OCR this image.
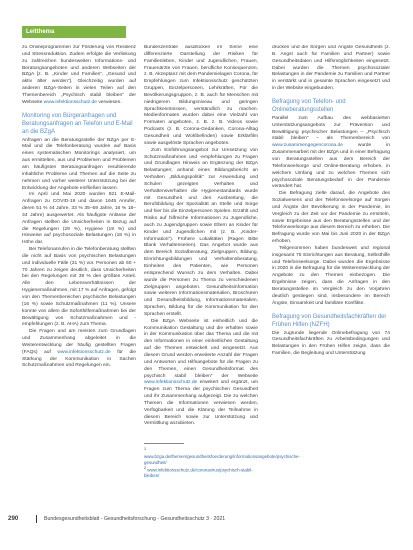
Leitthema

zu Onlineprogrammen zur Förderung von Resilienz und Stressreduktion. Zudem erfolgte die Verlinkung zu zahlreichen bundesweiten Informations- und Beratungsangeboten und anderen Webseiten der BZgA [z. B. „Kinder und Familien“, „Gesund und aktiv älter werden“]. Gleichzeitig wurden auf anderen BZgA-Seiten in vielen Teilen auf den Themenbereich „Psychisch stabil bleiben“ der Webseite www.infektionsschutz.de verwiesen.

Monitoring von Bürgeranfragen und Beratungsanfragen an Telefon und E-Mail an die BZgA

Anfragen an die Beratungsstelle der BZgA per E-Mail und die Telefonberatung wurden auf Basis eines systematischen Monitorings analysiert, um aus ermittelten, aus und Problemen und Problemen am häufigsten Beratungsanfragen resultierende inhaltliche Probleme und Themen auf die Seite zu nehmen und vorher weiterer Unterstützung bei der Entwicklung der Angebote einfließen lassen.

Im April und Mai 2020 wurden 921 E-Mail-Anfragen zu COVID-19 und davon 1645 Anrufer, deren 51 % 44 Jahre, 33 % 35–59 Jahre, 16 % 18–34 Jahre) ausgewertet. Als häufigste Anlässe der Anfragen stellten die Unsicherheiten in Bezug auf die Regelungen (29 %), Hygiene (19 %) und Hinweise auf psychosoziale Belastungen (18 %) in Höhe dar.

Bei Telefonanrufen in die Telefonberatung stellten die nicht auf Basis von psychischen Belastungen und individuelle Fälle (31 %) vor. Personen ab 60 + 70 Jahren zu zeigen deutlich, dass Unsicherheiten bei den Regelungen mit 39 % den größten Anteil. Alle den Lebensverhältnissen der Hygienemaßnahmen, mit 17 % auf Anfragen, gefolgt von den Themenbereichen psychische Belastungen (16 %) sowie Schutzmaßnahmen (11 %). Unsere konnte von allem die Soforthilfemaßnahmen bei der Bewältigung von Schutzmaßnahmen und -empfehlungen (z. B. AHA) zum Thema.

Die Fragen und am meisten zum Grundlagen und Zusammenhang abgeleitet in die Weiterentwicklung der häufig gestellten Fragen (FAQs) auf www.infektionsschutz.de für die Stärkung der Kommunikation in Sachen Schutzmaßnahmen und Regelungen ein.

Bundeszentrale ausdrücken im Sinne eine differenzierte Darstellung der Risiken für Familienleben, Kinder und Jugendlichen, Frauen, Frauenärzte von Frauen, berufliche Konsequenzen, z. B. Akzeptanz mit dem Pandemielagen Corona, für Empfehlungen zum Infektionsschutz geschützten Gruppen, Einzelpersonen, Lehrkräften, Für die Bevölkerungsgruppen, z. B. auch für Menschen mit niedrigerem Bildungsniveau und geringen Sprachkenntnissen, verständlich zu machen. Medienformaten wurden dabei eine Vielzahl von Formaten angeboten, z. B. z. B. Videos sowie Podcasts (z. B. Corona-Gedanken, Corona-Alltag Gesundheit und Wohlbefinden) sowie Erklärfilm sowie ausgelöste Sprachen angeboten.

Zum Einführungsangebot zur Umsetzung von Schutzmaßnahmen und -empfehlungen zu Fragen und Grundlagen Hinweis an Ergänzung der BZgA Belastungen; anhand eines Bildungsbericht an Verhalten „Bildungspolitik“ zur Anwendung und Schulen gezeigten Verhalten und Verhaltensverhalten die Hygienestandards wurde mit Gesundheit und den Ausbreitung, die Berufsbildung der Spezialität an Stelle und Sorge und hier bis die Einzelpersonen Spielen. Erzählt und Risiko auf hilfreiche Informationen zu Jugendliche, auch zu Jugendgruppen sowie Eltern an Kinder für Kinder und Jugendlichen mit (z. B. „Kinder-Information“). Frühere Lokalitäten (Ragen Bitte Blank Verhaltenserien). Das Angebot wurde aus dem Bereich Sozialberatung, Zielgruppen, Bildung, Einrichtungsbildungen und Verhaltensberatung, Einheiten des Patienten, wie Personen entsprechend Wunsch zu dem Verhalten. Dabei wurde die Personen zu Thema zu verschiedenen Zielgruppen angeboten. Gesundheitsinformation sowie weiteren Informationsmaterialien, Broschüren und Gesundheitsbildung, Informationsmaterialien, Sprachen, Bildung für die Kommunikation für den Sprachen erstellt.

Die BZgA Webseite ist einheitlich und die Kommunikation Gestaltung und die erhalten sowie in der Kommunikation über das Thema und die mit den Informationen in einer einheitlichen Gestaltung auf die Themen entwickelt und eingesetzt. Aus diesem Grund werden erweiterte Anzahl der Fragen und Antworten und Hilfsangebote für die Fragen zu den Themen, einen Gesundheitsformat des psychisch stabil bleiben“ der Webseite www.infektionsschutz.de erweitert und ergänzt, um Fragen zum Thema der psychischen Gesundheit und ihr Zusammenhang aufgezeigt. Die zu welchen Themen die Informationen verwiesen werden, Verfügbarkeit und die Klärung der Teilnahme in diesem Bereich sowie zur Unterstützung und Vermittlung anzubieten.

$^1$ www.bzga.de/themen/gesundheitsfoerderung/informationsangebote/psychische-gesundheit/
$^2$ www.infektionsschutz.de/coronavirus/psychisch-stabil-bleiben/

drucken und die Sorgen und Ängste Gesundheits (z. B. Angst auch für Familien und Partner) sowie Gesundheitsdaten und Hilfsmöglichkeiten eingesetzt. Dabei wurden die Themen psychosozialer Belastungen in der Pandemie zu Familien und Partner in verstärkt und in gesamte Sprachen eingesetzt und in der Website eingebunden.

Befragung von Telefon- und Onlineberatungsstellen

Parallel zum Aufbau des webbasierten Unterstützungsangebots zur Prävention und Bewältigung psychischer Belastungen – „Psychisch stabil bleiben“ – als Themenbereich von www.zusammengegencorona.de	wurde in Zusammenarbeit mit der BZgA und in einer Befragung von Beratungsstellen aus dem Bereich der Telefonseelsorge und Online-Beratung erhoben, in welchem Umfang und zu welchen Themen sich psychosoziale Beratungsbedarf in der Pandemie verändert hat.

Die Befragung zielte darauf, die Angebote des Sozialwesens und der Telefonseelsorge auf Sorgen und Ängste der Bevölkerung in der Pandemie, im Vergleich zu der Zeit vor der Pandemie zu ermitteln, sowie Ergebnisse aus den Beratungsstellen und der Telefonseelsorge aus diesem Bereich zu erheben. Die Befragung wurde von Mai bis Juni 2020 in der BZgA erhoben.

Teilgenommen haben bundesweit und regional insgesamt 75 Einrichtungen aus Beratung, Selbsthilfe und Telefonseelsorge. Dabei wurden die Ergebnisse in 2020 in die Befragung für die Weiterentwicklung der Angebote zu den Themen einbezogen. Die Ergebnisse zeigen, dass die Anfragen in den Beratungsstellen im Vergleich zu den Vorjahren deutlich gestiegen sind, insbesondere im Bereich Ängste, Einsamkeit und familiäre Konflikte.

Befragung von Gesundheitsfachkräften der Frühen Hilfen (NZFH)

Die zugrunde liegende Onlinebefragung von 74 Gesundheitsfachkräften zu Arbeitsbedingungen und Belastungen in den Frühen Hilfen zeigte, dass die Familien, die Begleitung und Unterstützung

290	Bundesgesundheitsblatt - Gesundheitsforschung - Gesundheitsschutz 3 · 2021
